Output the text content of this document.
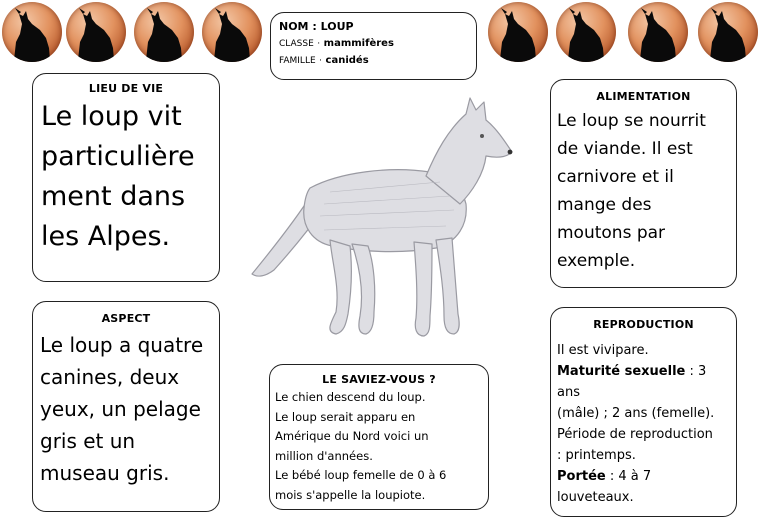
NOM : LOUP
CLASSE · mammifères
FAMILLE · canidés
LIEU DE VIE
Le loup vit
particulière
ment dans
les Alpes.
ASPECT
Le loup a quatre
canines, deux
yeux, un pelage
gris et un
museau gris.
ALIMENTATION
Le loup se nourrit
de viande. Il est
carnivore et il
mange des
moutons par
exemple.
REPRODUCTION
Il est vivipare.
Maturité sexuelle : 3 ans
(mâle) ; 2 ans (femelle).
Période de reproduction
: printemps.
Portée : 4 à 7 louveteaux.
LE SAVIEZ-VOUS ?
Le chien descend du loup.
Le loup serait apparu en
Amérique du Nord voici un
million d'années.
Le bébé loup femelle de 0 à 6
mois s'appelle la loupiote.
